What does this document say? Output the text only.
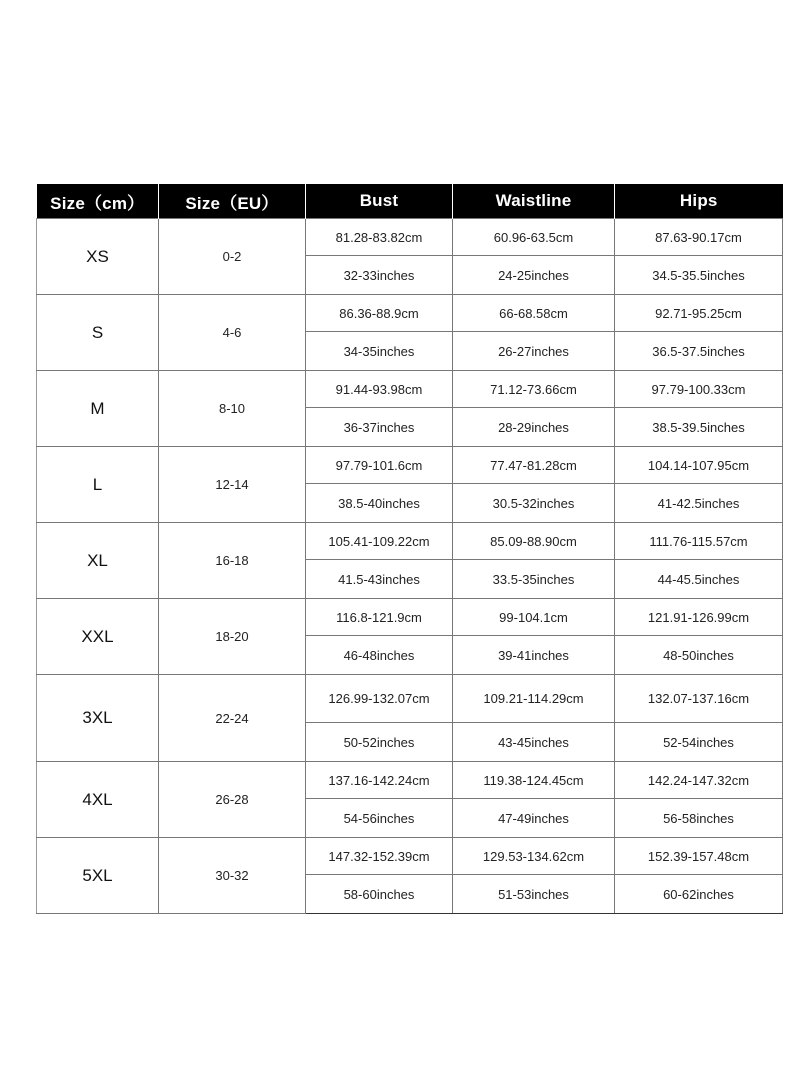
Size（cm）	Size（EU）	Bust	Waistline	Hips
XS	0-2	81.28-83.82cm	60.96-63.5cm	87.63-90.17cm
		32-33inches	24-25inches	34.5-35.5inches
S	4-6	86.36-88.9cm	66-68.58cm	92.71-95.25cm
		34-35inches	26-27inches	36.5-37.5inches
M	8-10	91.44-93.98cm	71.12-73.66cm	97.79-100.33cm
		36-37inches	28-29inches	38.5-39.5inches
L	12-14	97.79-101.6cm	77.47-81.28cm	104.14-107.95cm
		38.5-40inches	30.5-32inches	41-42.5inches
XL	16-18	105.41-109.22cm	85.09-88.90cm	111.76-115.57cm
		41.5-43inches	33.5-35inches	44-45.5inches
XXL	18-20	116.8-121.9cm	99-104.1cm	121.91-126.99cm
		46-48inches	39-41inches	48-50inches
3XL	22-24	126.99-132.07cm	109.21-114.29cm	132.07-137.16cm
		50-52inches	43-45inches	52-54inches
4XL	26-28	137.16-142.24cm	119.38-124.45cm	142.24-147.32cm
		54-56inches	47-49inches	56-58inches
5XL	30-32	147.32-152.39cm	129.53-134.62cm	152.39-157.48cm
		58-60inches	51-53inches	60-62inches
